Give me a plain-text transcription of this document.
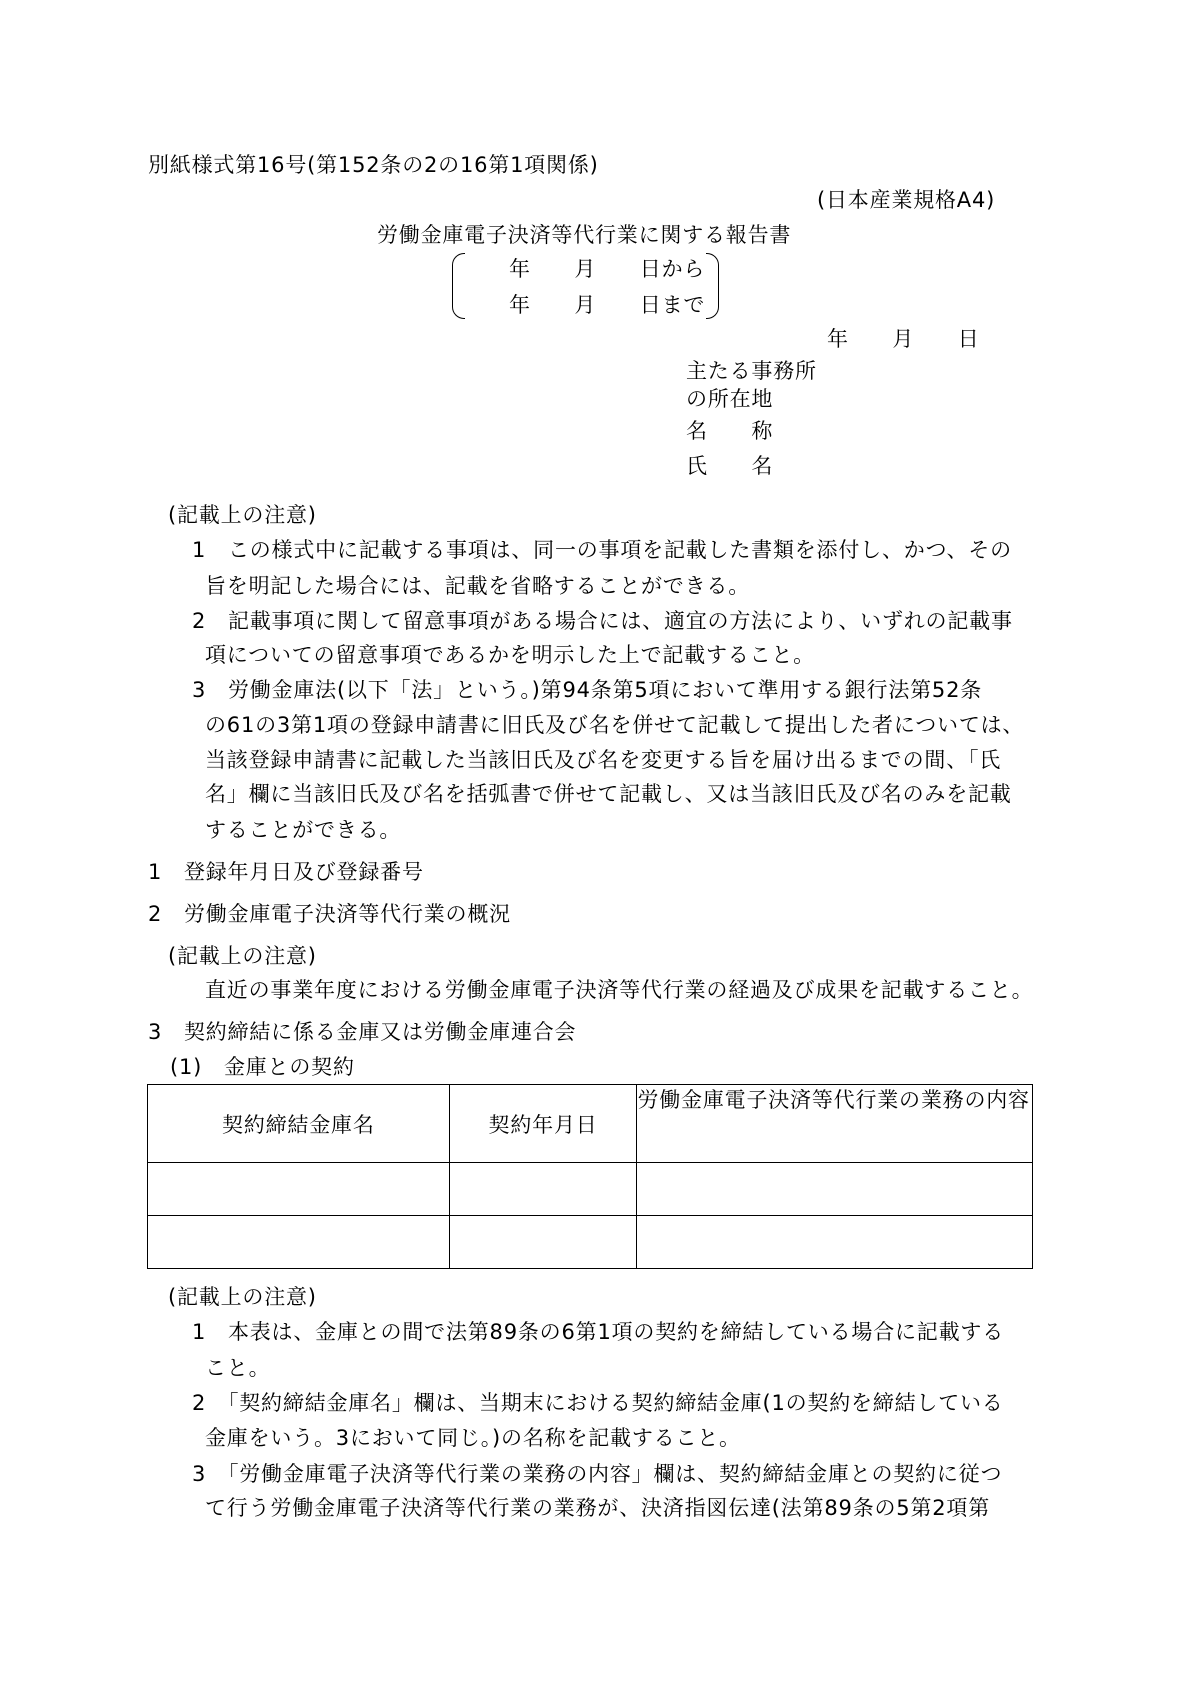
別紙様式第16号(第152条の2の16第1項関係)
(日本産業規格A4)
労働金庫電子決済等代行業に関する報告書
年　　月　　日から
年　　月　　日まで
年　　月　　日
主たる事務所
の所在地
名　　称
氏　　名
(記載上の注意)
1　この様式中に記載する事項は、同一の事項を記載した書類を添付し、かつ、その
旨を明記した場合には、記載を省略することができる。
2　記載事項に関して留意事項がある場合には、適宜の方法により、いずれの記載事
項についての留意事項であるかを明示した上で記載すること。
3　労働金庫法(以下「法」という。)第94条第5項において準用する銀行法第52条
の61の3第1項の登録申請書に旧氏及び名を併せて記載して提出した者については、
当該登録申請書に記載した当該旧氏及び名を変更する旨を届け出るまでの間、「氏
名」欄に当該旧氏及び名を括弧書で併せて記載し、又は当該旧氏及び名のみを記載
することができる。
1　登録年月日及び登録番号
2　労働金庫電子決済等代行業の概況
(記載上の注意)
直近の事業年度における労働金庫電子決済等代行業の経過及び成果を記載すること。
3　契約締結に係る金庫又は労働金庫連合会
(1)　金庫との契約
契約締結金庫名	契約年月日	労働金庫電子決済等代行業の業務の内容

(記載上の注意)
1　本表は、金庫との間で法第89条の6第1項の契約を締結している場合に記載する
こと。
2　「契約締結金庫名」欄は、当期末における契約締結金庫(1の契約を締結している
金庫をいう。3において同じ。)の名称を記載すること。
3　「労働金庫電子決済等代行業の業務の内容」欄は、契約締結金庫との契約に従つ
て行う労働金庫電子決済等代行業の業務が、決済指図伝達(法第89条の5第2項第
